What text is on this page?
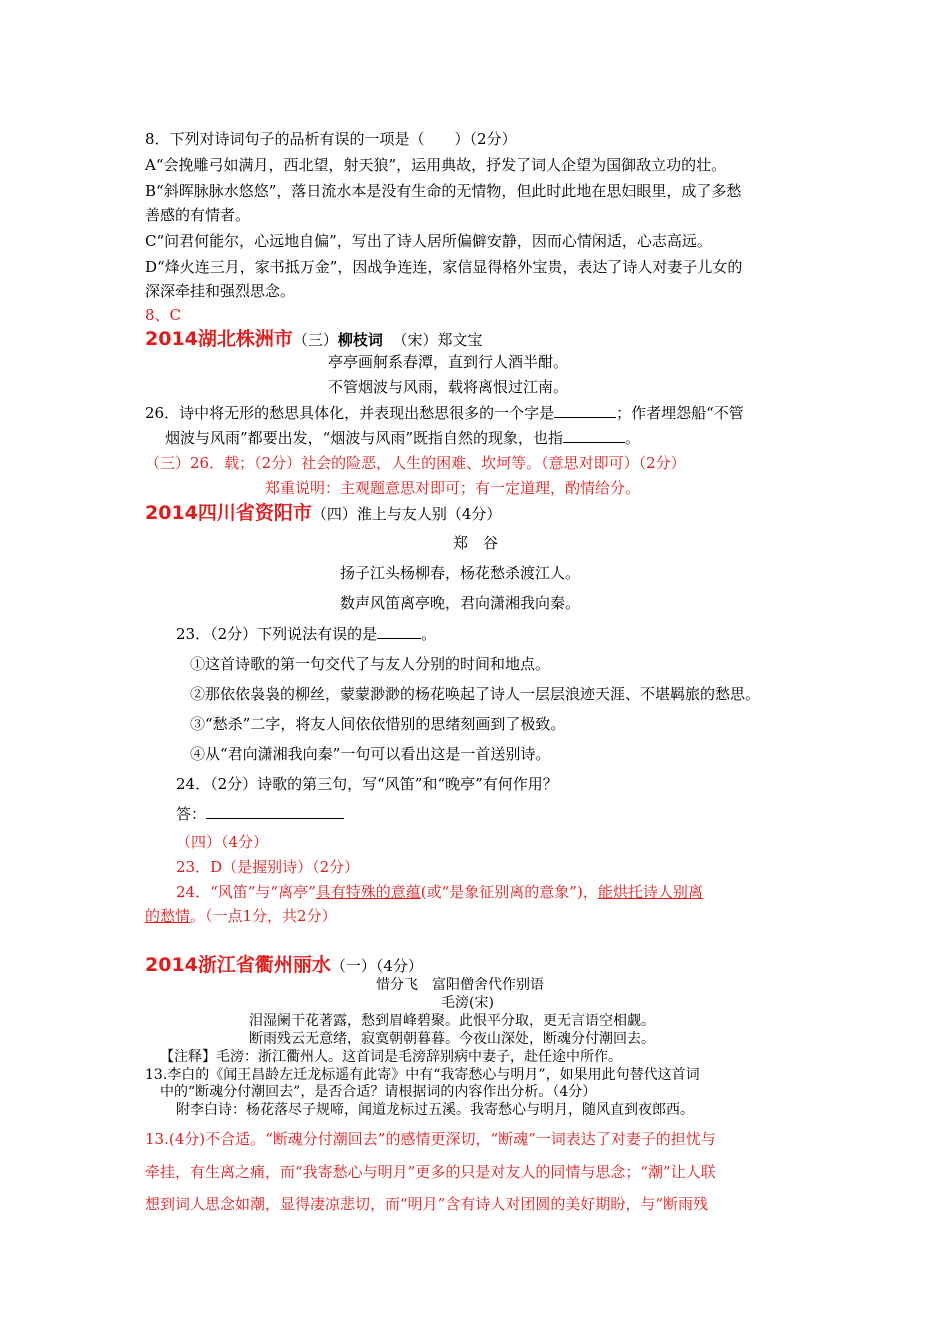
8．下列对诗词句子的品析有误的一项是（　　）（2分）
A“会挽雕弓如满月，西北望，射天狼”，运用典故，抒发了词人企望为国御敌立功的壮。
B“斜晖脉脉水悠悠”，落日流水本是没有生命的无情物，但此时此地在思妇眼里，成了多愁
善感的有情者。
C“问君何能尔，心远地自偏”，写出了诗人居所偏僻安静，因而心情闲适，心志高远。
D“烽火连三月，家书抵万金”，因战争连连，家信显得格外宝贵，表达了诗人对妻子儿女的
深深牵挂和强烈思念。
8、C
2014湖北株洲市（三）柳枝词 （宋）郑文宝
亭亭画舸系春潭，直到行人酒半酣。
不管烟波与风雨，载将离恨过江南。
26．诗中将无形的愁思具体化，并表现出愁思很多的一个字是	；作者埋怨船“不管
烟波与风雨”都要出发，“烟波与风雨”既指自然的现象，也指	。
（三）26．载；（2分）社会的险恶，人生的困难、坎坷等。（意思对即可）（2分）
郑重说明：主观题意思对即可；有一定道理，酌情给分。
2014四川省资阳市（四）淮上与友人别（4分）
郑　谷
扬子江头杨柳春，杨花愁杀渡江人。
数声风笛离亭晚，君向潇湘我向秦。
23．（2分）下列说法有误的是	。
①这首诗歌的第一句交代了与友人分别的时间和地点。
②那依依袅袅的柳丝，蒙蒙渺渺的杨花唤起了诗人一层层浪迹天涯、不堪羁旅的愁思。
③“愁杀”二字，将友人间依依惜别的思绪刻画到了极致。
④从“君向潇湘我向秦”一句可以看出这是一首送别诗。
24．（2分）诗歌的第三句，写“风笛”和“晚亭”有何作用？
答：
（四）（4分）
23．D（是握别诗）（2分）
24．“风笛”与“离亭”具有特殊的意蕴(或“是象征别离的意象”)，能烘托诗人别离
的愁情。（一点1分，共2分）
2014浙江省衢州丽水（一）（4分）
惜分飞　富阳僧舍代作别语
毛滂(宋)
泪湿阑干花著露，愁到眉峰碧聚。此恨平分取，更无言语空相觑。
断雨残云无意绪，寂寞朝朝暮暮。今夜山深处，断魂分付潮回去。
【注释】毛滂：浙江衢州人。这首词是毛滂辞别病中妻子，赴任途中所作。
13.李白的《闻王昌龄左迁龙标遥有此寄》中有“我寄愁心与明月”，如果用此句替代这首词
中的“断魂分付潮回去”，是否合适？请根据词的内容作出分析。（4分）
附李白诗：杨花落尽子规啼，闻道龙标过五溪。我寄愁心与明月，随风直到夜郎西。
13.(4分)不合适。“断魂分付潮回去”的感情更深切，“断魂”一词表达了对妻子的担忧与
牵挂，有生离之痛，而“我寄愁心与明月”更多的只是对友人的同情与思念；“潮”让人联
想到词人思念如潮，显得凄凉悲切，而“明月”含有诗人对团圆的美好期盼，与“断雨残
